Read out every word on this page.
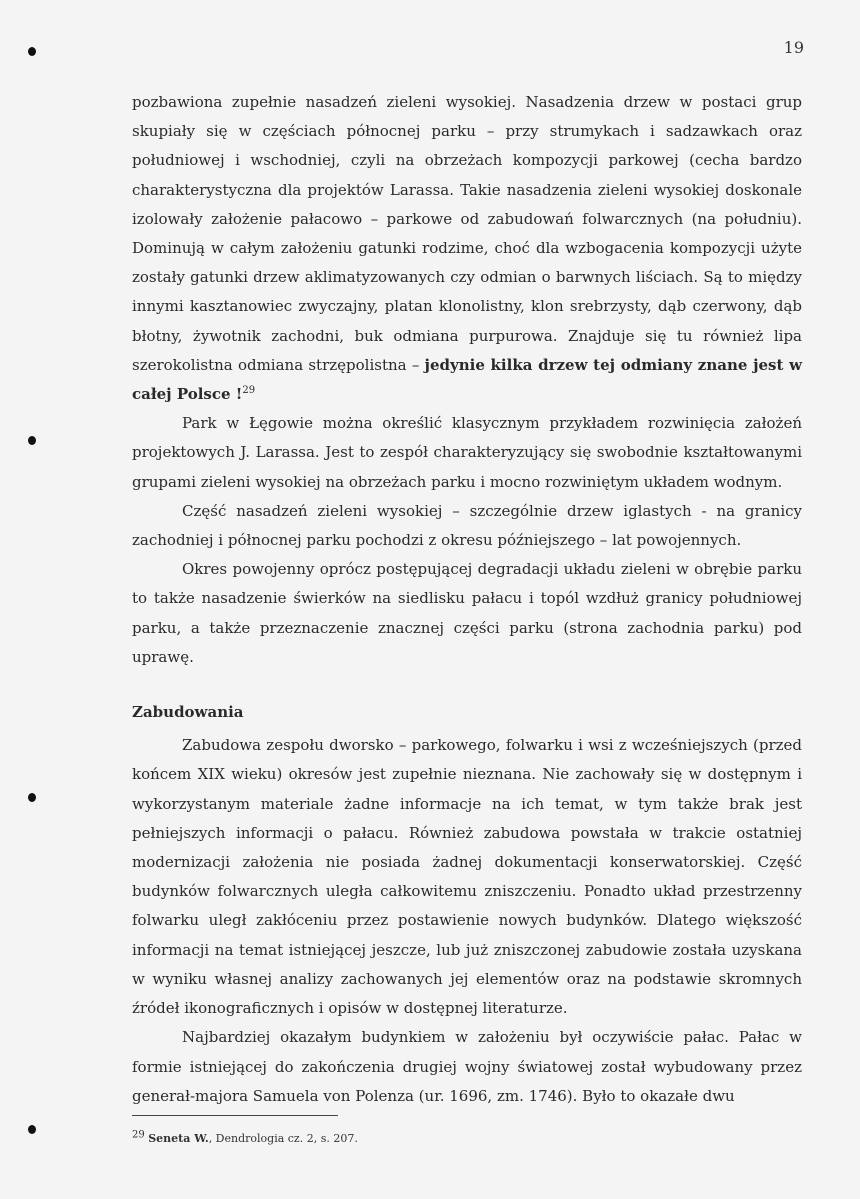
19

pozbawiona zupełnie nasadzeń zieleni wysokiej. Nasadzenia drzew w postaci grup skupiały się w częściach północnej parku – przy strumykach i sadzawkach oraz południowej i wschodniej, czyli na obrzeżach kompozycji parkowej (cecha bardzo charakterystyczna dla projektów Larassa. Takie nasadzenia zieleni wysokiej doskonale izolowały założenie pałacowo – parkowe od zabudowań folwarcznych (na południu). Dominują w całym założeniu gatunki rodzime, choć dla wzbogacenia kompozycji użyte zostały gatunki drzew aklimatyzowanych czy odmian o barwnych liściach. Są to między innymi kasztanowiec zwyczajny, platan klonolistny, klon srebrzysty, dąb czerwony, dąb błotny, żywotnik zachodni, buk odmiana purpurowa. Znajduje się tu również lipa szerokolistna odmiana strzępolistna – jedynie kilka drzew tej odmiany znane jest w całej Polsce !$^{29}$

Park w Łęgowie można określić klasycznym przykładem rozwinięcia założeń projektowych J. Larassa. Jest to zespół charakteryzujący się swobodnie kształtowanymi grupami zieleni wysokiej na obrzeżach parku i mocno rozwiniętym układem wodnym.

Część nasadzeń zieleni wysokiej – szczególnie drzew iglastych - na granicy zachodniej i północnej parku pochodzi z okresu późniejszego – lat powojennych.

Okres powojenny oprócz postępującej degradacji układu zieleni w obrębie parku to także nasadzenie świerków na siedlisku pałacu i topól wzdłuż granicy południowej parku, a także przeznaczenie znacznej części parku (strona zachodnia parku) pod uprawę.

Zabudowania

Zabudowa zespołu dworsko – parkowego, folwarku i wsi z wcześniejszych (przed końcem XIX wieku) okresów jest zupełnie nieznana. Nie zachowały się w dostępnym i wykorzystanym materiale żadne informacje na ich temat, w tym także brak jest pełniejszych informacji o pałacu. Również zabudowa powstała w trakcie ostatniej modernizacji założenia nie posiada żadnej dokumentacji konserwatorskiej. Część budynków folwarcznych uległa całkowitemu zniszczeniu. Ponadto układ przestrzenny folwarku uległ zakłóceniu przez postawienie nowych budynków. Dlatego większość informacji na temat istniejącej jeszcze, lub już zniszczonej zabudowie została uzyskana w wyniku własnej analizy zachowanych jej elementów oraz na podstawie skromnych źródeł ikonograficznych i opisów w dostępnej literaturze.

Najbardziej okazałym budynkiem w założeniu był oczywiście pałac. Pałac w formie istniejącej do zakończenia drugiej wojny światowej został wybudowany przez generał-majora Samuela von Polenza (ur. 1696, zm. 1746). Było to okazałe dwu

29 Seneta W., Dendrologia cz. 2, s. 207.
